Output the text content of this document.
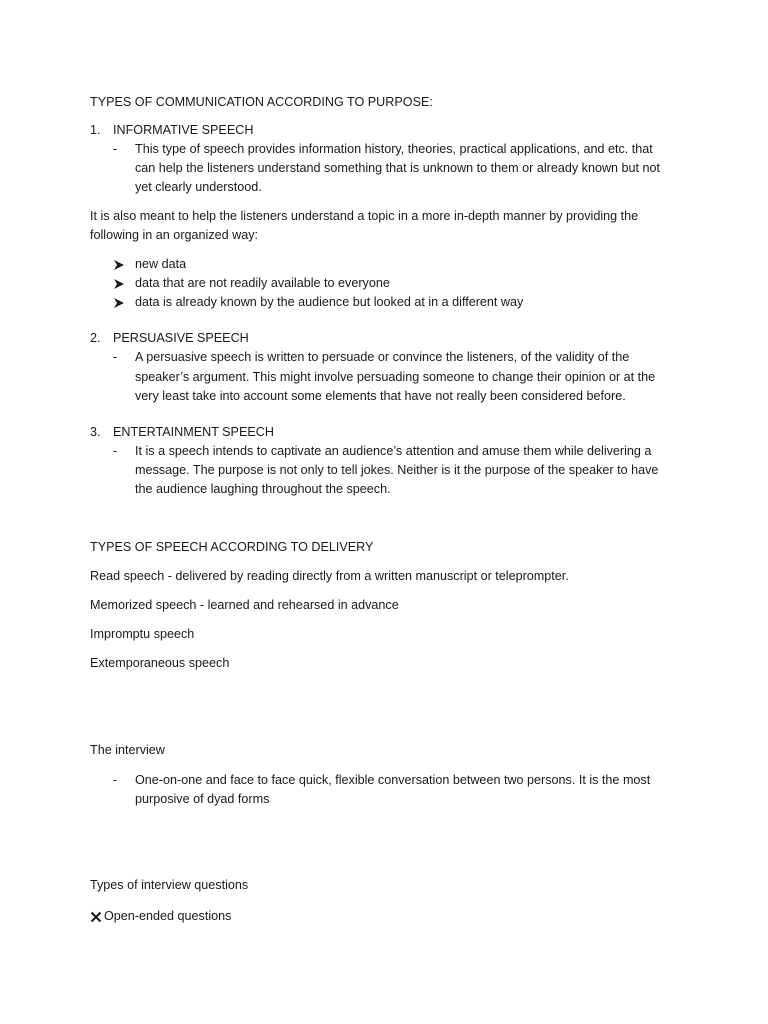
TYPES OF COMMUNICATION ACCORDING TO PURPOSE:
1. INFORMATIVE SPEECH
- This type of speech provides information history, theories, practical applications, and etc. that
can help the listeners understand something that is unknown to them or already known but not
yet clearly understood.
It is also meant to help the listeners understand a topic in a more in-depth manner by providing the
following in an organized way:
new data
data that are not readily available to everyone
data is already known by the audience but looked at in a different way
2. PERSUASIVE SPEECH
- A persuasive speech is written to persuade or convince the listeners, of the validity of the
speaker’s argument. This might involve persuading someone to change their opinion or at the
very least take into account some elements that have not really been considered before.
3. ENTERTAINMENT SPEECH
- It is a speech intends to captivate an audience’s attention and amuse them while delivering a
message. The purpose is not only to tell jokes. Neither is it the purpose of the speaker to have
the audience laughing throughout the speech.
TYPES OF SPEECH ACCORDING TO DELIVERY
Read speech - delivered by reading directly from a written manuscript or teleprompter.
Memorized speech - learned and rehearsed in advance
Impromptu speech
Extemporaneous speech
The interview
- One-on-one and face to face quick, flexible conversation between two persons. It is the most
purposive of dyad forms
Types of interview questions
Open-ended questions
